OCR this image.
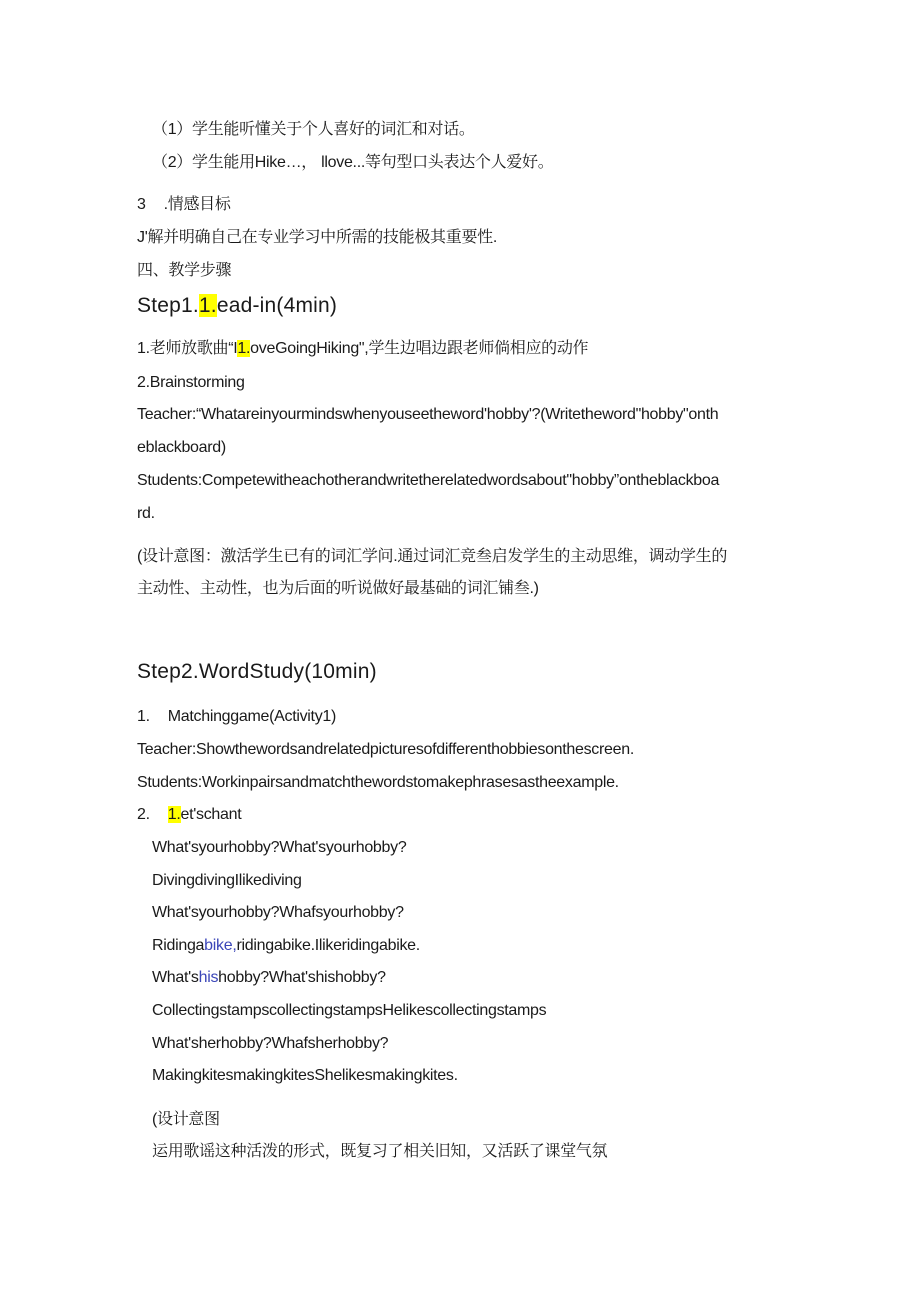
（1）学生能听懂关于个人喜好的词汇和对话。
（2）学生能用Hike…， llove...等句型口头表达个人爱好。
3 .情感目标
J'解并明确自己在专业学习中所需的技能极其重要性.
四、教学步骤
Step1.1.ead-in(4min)
1.老师放歌曲“I1.oveGoingHiking",学生边唱边跟老师倘相应的动作
2.Brainstorming
Teacher:“Whatareinyourmindswhenyouseetheword'hobby'?(Writetheword"hobby"onth
eblackboard)
Students:Competewitheachotherandwritetherelatedwordsabout"hobby”ontheblackboa
rd.
(设计意图：激活学生已有的词汇学问.通过词汇竞叁启发学生的主动思维，调动学生的
主动性、主动性，也为后面的听说做好最基础的词汇铺叁.)
Step2.WordStudy(10min)
1. Matchinggame(Activity1)
Teacher:Showthewordsandrelatedpicturesofdifferenthobbiesonthescreen.
Students:Workinpairsandmatchthewordstomakephrasesastheexample.
2. 1.et'schant
What'syourhobby?What'syourhobby?
DivingdivingIlikediving
What'syourhobby?Whafsyourhobby?
Ridingabike,ridingabike.Ilikeridingabike.
What'shishobby?What'shishobby?
CollectingstampscollectingstampsHelikescollectingstamps
What'sherhobby?Whafsherhobby?
MakingkitesmakingkitesShelikesmakingkites.
(设计意图
运用歌谣这种活泼的形式，既复习了相关旧知，又活跃了课堂气氛
